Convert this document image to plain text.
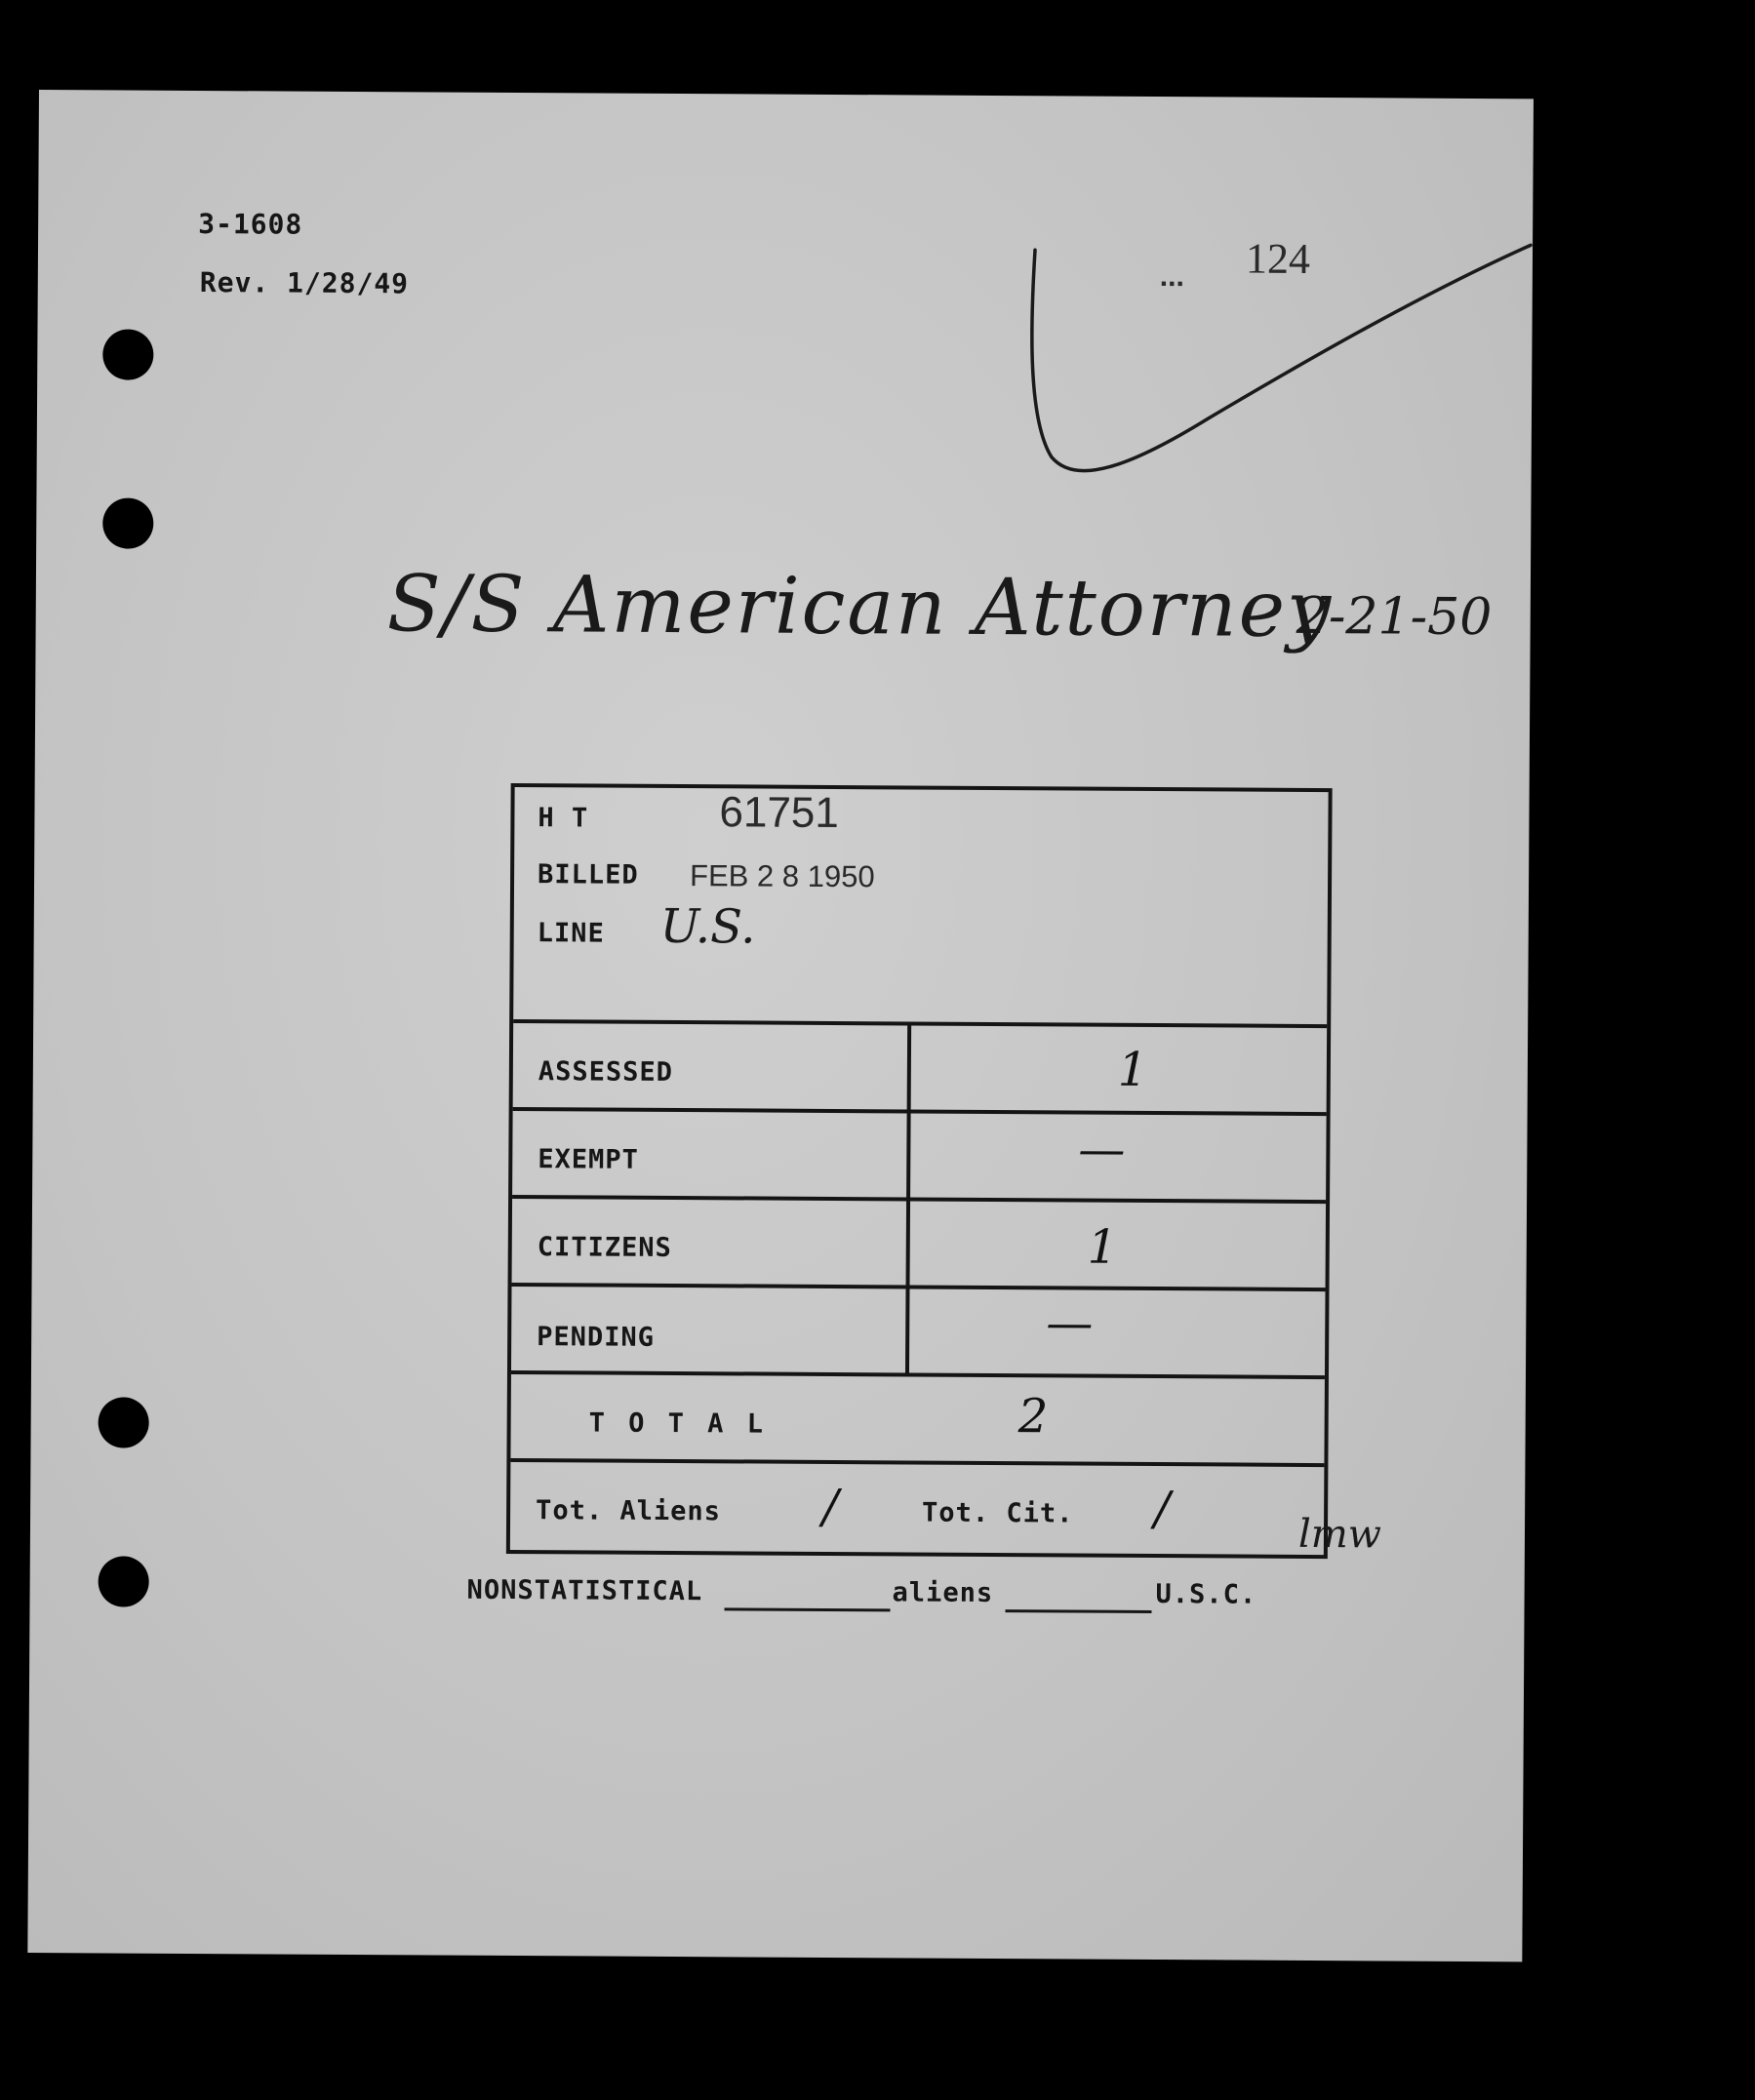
3-1608
Rev. 1/28/49	... 124
S/S American Attorney
2-21-50
H T	61751
BILLED FEB 2 8 1950
LINE U.S.
ASSESSED	1
EXEMPT	—
CITIZENS	1
PENDING	—
T O T A L	2
Tot. Aliens /	Tot. Cit. /	lmw
NONSTATISTICAL	aliens	U.S.C.
